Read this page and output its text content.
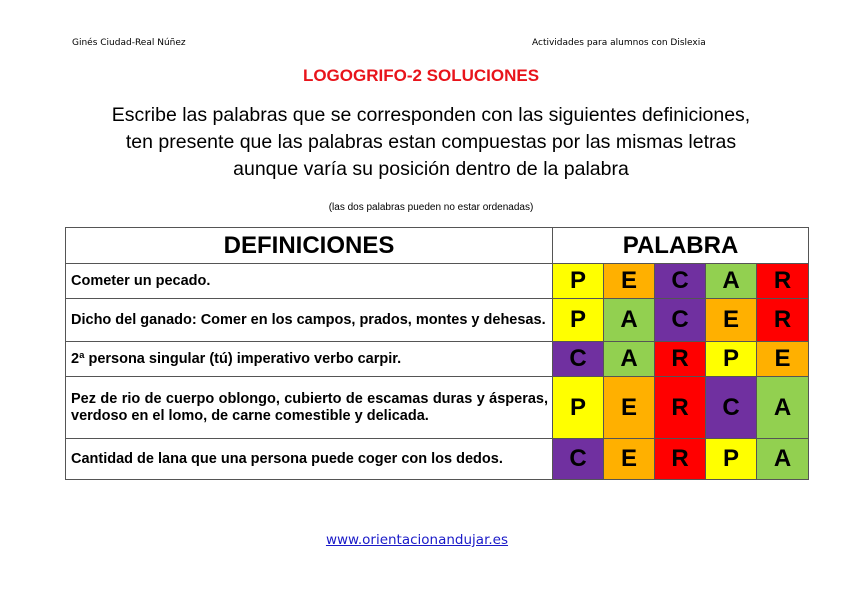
Ginés Ciudad-Real Núñez	Actividades para alumnos con Dislexia
LOGOGRIFO-2 SOLUCIONES
Escribe las palabras que se corresponden con las siguientes definiciones,
ten presente que las palabras estan compuestas por las mismas letras
aunque varía su posición dentro de la palabra
(las dos palabras pueden no estar ordenadas)
DEFINICIONES	PALABRA				
Cometer un pecado.	P	E	C	A	R
Dicho del ganado: Comer en los campos, prados, montes y dehesas.	P	A	C	E	R
2ª persona singular (tú) imperativo verbo carpir.	C	A	R	P	E
Pez de rio de cuerpo oblongo, cubierto de escamas duras y ásperas, verdoso en el lomo, de carne comestible y delicada.	P	E	R	C	A
Cantidad de lana que una persona puede coger con los dedos.	C	E	R	P	A
www.orientacionandujar.es
